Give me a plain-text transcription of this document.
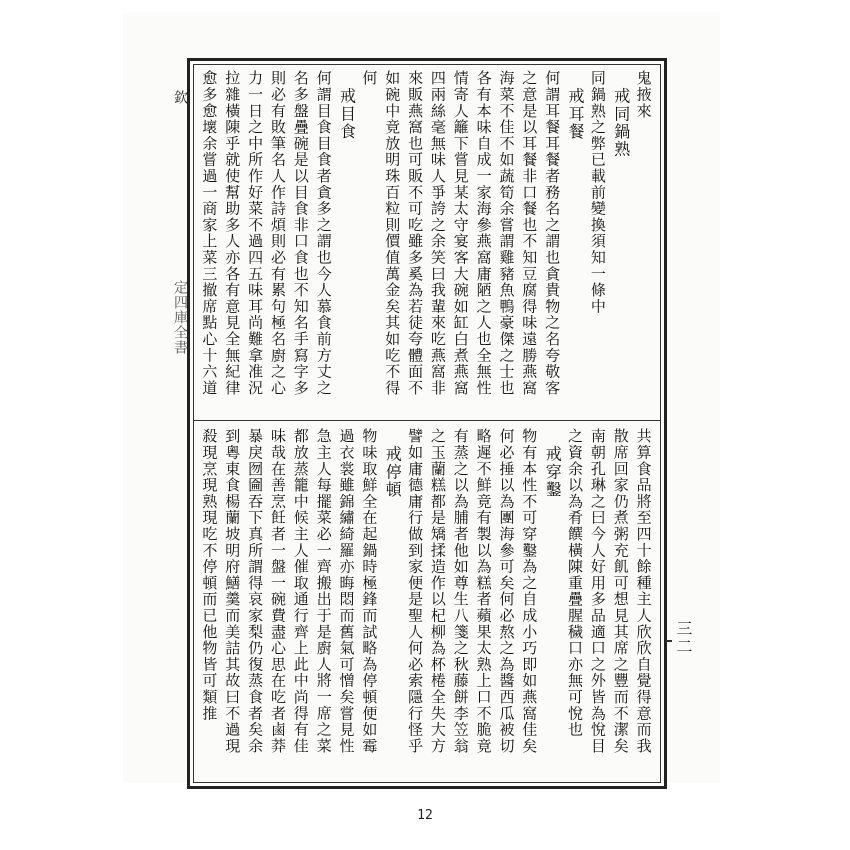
欽
定四庫全書
鬼掖來
　戒同鍋熟
同鍋熟之弊已載前變換須知一條中
　戒耳餐
何謂耳餐耳餐者務名之謂也貪貴物之名夸敬客
之意是以耳餐非口餐也不知豆腐得味遠勝燕窩
海菜不佳不如蔬筍余嘗謂雞豬魚鴨豪傑之士也
各有本味自成一家海參燕窩庸陋之人也全無性
情寄人籬下嘗見某太守宴客大碗如缸白煮燕窩
四兩絲毫無味人爭誇之余笑曰我輩來吃燕窩非
來販燕窩也可販不可吃雖多奚為若徒夸體面不
如碗中竟放明珠百粒則價值萬金矣其如吃不得
何
　戒目食
何謂目食目食者貪多之謂也今人慕食前方丈之
名多盤疊碗是以目食非口食也不知名手寫字多
則必有敗筆名人作詩煩則必有累句極名廚之心
力一日之中所作好菜不過四五味耳尚難拿准況
拉雜橫陳乎就使幫助多人亦各有意見全無紀律
愈多愈壞余嘗過一商家上菜三撤席點心十六道
共算食品將至四十餘種主人欣欣自覺得意而我
散席回家仍煮粥充飢可想見其席之豐而不潔矣
南朝孔琳之曰今人好用多品適口之外皆為悅目
之資余以為肴饌橫陳重疊腥穢口亦無可悅也
　戒穿鑿
物有本性不可穿鑿為之自成小巧即如燕窩佳矣
何必捶以為團海參可矣何必熬之為醬西瓜被切
略遲不鮮竟有製以為糕者蘋果太熟上口不脆竟
有蒸之以為脯者他如尊生八箋之秋藤餅李笠翁
之玉蘭糕都是矯揉造作以杞柳為杯棬全失大方
譬如庸德庸行做到家便是聖人何必索隱行怪乎
　戒停頓
物味取鮮全在起鍋時極鋒而試略為停頓便如霉
過衣裳雖錦繡綺羅亦晦悶而舊氣可憎矣嘗見性
急主人每擺菜必一齊搬出于是廚人將一席之菜
都放蒸籠中候主人催取通行齊上此中尚得有佳
味哉在善烹飪者一盤一碗費盡心思在吃者鹵莽
暴戾囫圇吞下真所謂得哀家梨仍復蒸食者矣余
到粵東食楊蘭坡明府鱔羹而美詰其故曰不過現
殺現烹現熟現吃不停頓而已他物皆可類推	三二
12
